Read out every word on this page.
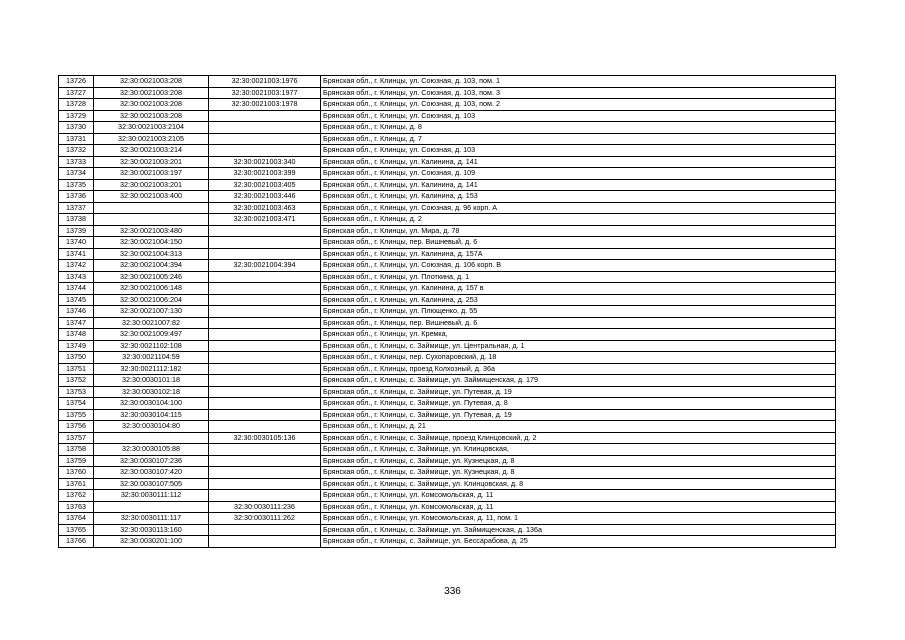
13726	32:30:0021003:208	32:30:0021003:1976	Брянская обл., г. Клинцы, ул. Союзная, д. 103, пом. 1
13727	32:30:0021003:208	32:30:0021003:1977	Брянская обл., г. Клинцы, ул. Союзная, д. 103, пом. 3
13728	32:30:0021003:208	32:30:0021003:1978	Брянская обл., г. Клинцы, ул. Союзная, д. 103, пом. 2
13729	32:30:0021003:208		Брянская обл., г. Клинцы, ул. Союзная, д. 103
13730	32:30:0021003:2104		Брянская обл., г. Клинцы, д. 8
13731	32:30:0021003:2105		Брянская обл., г. Клинцы, д. 7
13732	32:30:0021003:214		Брянская обл., г. Клинцы, ул. Союзная, д. 103
13733	32:30:0021003:201	32:30:0021003:340	Брянская обл., г. Клинцы, ул. Калинина, д. 141
13734	32:30:0021003:197	32:30:0021003:399	Брянская обл., г. Клинцы, ул. Союзная, д. 109
13735	32:30:0021003:201	32:30:0021003:405	Брянская обл., г. Клинцы, ул. Калинина, д. 141
13736	32:30:0021003:400	32:30:0021003:446	Брянская обл., г. Клинцы, ул. Калинина, д. 153
13737		32:30:0021003:463	Брянская обл., г. Клинцы, ул. Союзная, д. 96 корп. А
13738		32:30:0021003:471	Брянская обл., г. Клинцы, д. 2
13739	32:30:0021003:480		Брянская обл., г. Клинцы, ул. Мира, д. 78
13740	32:30:0021004:150		Брянская обл., г. Клинцы, пер. Вишневый, д. 6
13741	32:30:0021004:313		Брянская обл., г. Клинцы, ул. Калинина, д. 157А
13742	32:30:0021004:394	32:30:0021004:394	Брянская обл., г. Клинцы, ул. Союзная, д. 106 корп. В
13743	32:30:0021005:246		Брянская обл., г. Клинцы, ул. Плоткина, д. 1
13744	32:30:0021006:148		Брянская обл., г. Клинцы, ул. Калинина, д. 157 в
13745	32:30:0021006:204		Брянская обл., г. Клинцы, ул. Калинина, д. 253
13746	32:30:0021007:130		Брянская обл., г. Клинцы, ул. Плющенко, д. 55
13747	32:30:0021007:82		Брянская обл., г. Клинцы, пер. Вишневый, д. 6
13748	32:30:0021009:497		Брянская обл., г. Клинцы, ул. Кремка,
13749	32:30:0021102:108		Брянская обл., г. Клинцы, с. Займище, ул. Центральная, д. 1
13750	32:30:0021104:59		Брянская обл., г. Клинцы, пер. Сухопаровский, д. 18
13751	32:30:0021112:182		Брянская обл., г. Клинцы, проезд Колхозный, д. 36а
13752	32:30:0030101:18		Брянская обл., г. Клинцы, с. Займище, ул. Займищенская, д. 179
13753	32:30:0030102:18		Брянская обл., г. Клинцы, с. Займище, ул. Путевая, д. 19
13754	32:30:0030104:100		Брянская обл., г. Клинцы, с. Займище, ул. Путевая, д. 8
13755	32:30:0030104:115		Брянская обл., г. Клинцы, с. Займище, ул. Путевая, д. 19
13756	32:30:0030104:80		Брянская обл., г. Клинцы, д. 21
13757		32:30:0030105:136	Брянская обл., г. Клинцы, с. Займище, проезд Клинцовский, д. 2
13758	32:30:0030105:88		Брянская обл., г. Клинцы, с. Займище, ул. Клинцовская,
13759	32:30:0030107:236		Брянская обл., г. Клинцы, с. Займище, ул. Кузнецкая, д. 8
13760	32:30:0030107:420		Брянская обл., г. Клинцы, с. Займище, ул. Кузнецкая, д. 8
13761	32:30:0030107:505		Брянская обл., г. Клинцы, с. Займище, ул. Клинцовская, д. 8
13762	32:30:0030111:112		Брянская обл., г. Клинцы, ул. Комсомольская, д. 11
13763		32:30:0030111:236	Брянская обл., г. Клинцы, ул. Комсомольская, д. 11
13764	32:30:0030111:117	32:30:0030111:262	Брянская обл., г. Клинцы, ул. Комсомольская, д. 11, пом. 1
13765	32:30:0030113:160		Брянская обл., г. Клинцы, с. Займище, ул. Займищенская, д. 136а
13766	32:30:0030201:100		Брянская обл., г. Клинцы, с. Займище, ул. Бессарабова, д. 25
336
